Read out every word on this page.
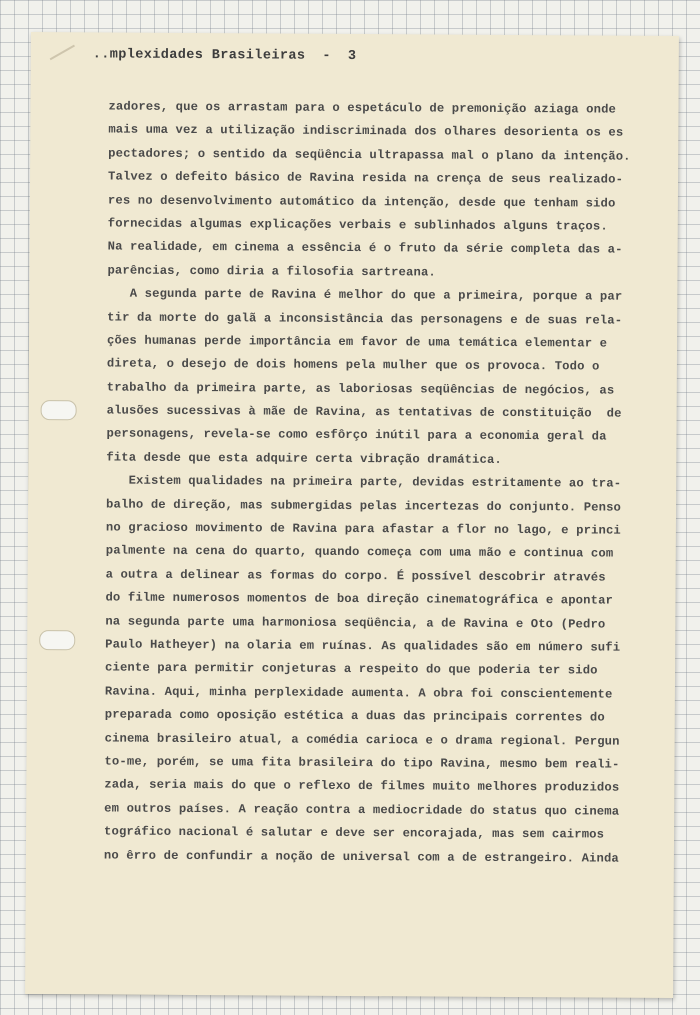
..mplexidades Brasileiras  -  3
zadores, que os arrastam para o espetáculo de premonição aziaga onde
mais uma vez a utilização indiscriminada dos olhares desorienta os es
pectadores; o sentido da seqüência ultrapassa mal o plano da intenção.
Talvez o defeito básico de Ravina resida na crença de seus realizado-
res no desenvolvimento automático da intenção, desde que tenham sido
fornecidas algumas explicações verbais e sublinhados alguns traços.
Na realidade, em cinema a essência é o fruto da série completa das a-
parências, como diria a filosofia sartreana.
A segunda parte de Ravina é melhor do que a primeira, porque a par
tir da morte do galã a inconsistância das personagens e de suas rela-
ções humanas perde importância em favor de uma temática elementar e
direta, o desejo de dois homens pela mulher que os provoca. Todo o
trabalho da primeira parte, as laboriosas seqüências de negócios, as
alusões sucessivas à mãe de Ravina, as tentativas de constituição  de
personagens, revela-se como esfôrço inútil para a economia geral da
fita desde que esta adquire certa vibração dramática.
Existem qualidades na primeira parte, devidas estritamente ao tra-
balho de direção, mas submergidas pelas incertezas do conjunto. Penso
no gracioso movimento de Ravina para afastar a flor no lago, e princi
palmente na cena do quarto, quando começa com uma mão e continua com
a outra a delinear as formas do corpo. É possível descobrir através
do filme numerosos momentos de boa direção cinematográfica e apontar
na segunda parte uma harmoniosa seqüência, a de Ravina e Oto (Pedro
Paulo Hatheyer) na olaria em ruínas. As qualidades são em número sufi
ciente para permitir conjeturas a respeito do que poderia ter sido
Ravina. Aqui, minha perplexidade aumenta. A obra foi conscientemente
preparada como oposição estética a duas das principais correntes do
cinema brasileiro atual, a comédia carioca e o drama regional. Pergun
to-me, porém, se uma fita brasileira do tipo Ravina, mesmo bem reali-
zada, seria mais do que o reflexo de filmes muito melhores produzidos
em outros países. A reação contra a mediocridade do status quo cinema
tográfico nacional é salutar e deve ser encorajada, mas sem cairmos
no êrro de confundir a noção de universal com a de estrangeiro. Ainda
